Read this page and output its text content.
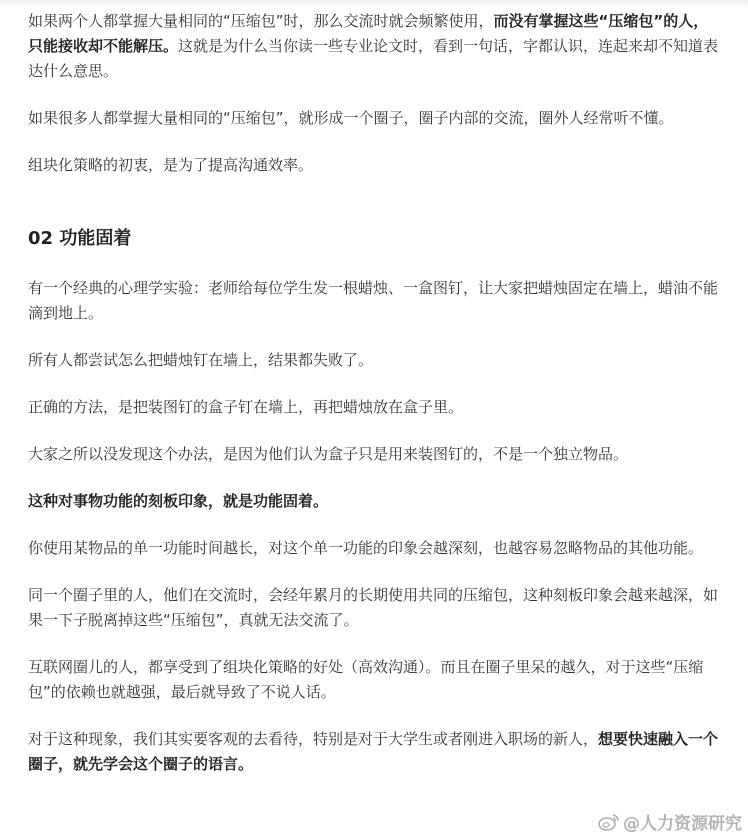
如果两个人都掌握大量相同的“压缩包”时，那么交流时就会频繁使用，而没有掌握这些“压缩包”的人，只能接收却不能解压。这就是为什么当你读一些专业论文时，看到一句话，字都认识，连起来却不知道表达什么意思。

如果很多人都掌握大量相同的“压缩包”，就形成一个圈子，圈子内部的交流，圈外人经常听不懂。

组块化策略的初衷，是为了提高沟通效率。

02 功能固着

有一个经典的心理学实验：老师给每位学生发一根蜡烛、一盒图钉，让大家把蜡烛固定在墙上，蜡油不能滴到地上。

所有人都尝试怎么把蜡烛钉在墙上，结果都失败了。

正确的方法，是把装图钉的盒子钉在墙上，再把蜡烛放在盒子里。

大家之所以没发现这个办法，是因为他们认为盒子只是用来装图钉的，不是一个独立物品。

这种对事物功能的刻板印象，就是功能固着。

你使用某物品的单一功能时间越长，对这个单一功能的印象会越深刻，也越容易忽略物品的其他功能。

同一个圈子里的人，他们在交流时，会经年累月的长期使用共同的压缩包，这种刻板印象会越来越深，如果一下子脱离掉这些“压缩包”，真就无法交流了。

互联网圈儿的人，都享受到了组块化策略的好处（高效沟通）。而且在圈子里呆的越久，对于这些“压缩包”的依赖也就越强，最后就导致了不说人话。

对于这种现象，我们其实要客观的去看待，特别是对于大学生或者刚进入职场的新人，想要快速融入一个圈子，就先学会这个圈子的语言。

@人力资源研究
